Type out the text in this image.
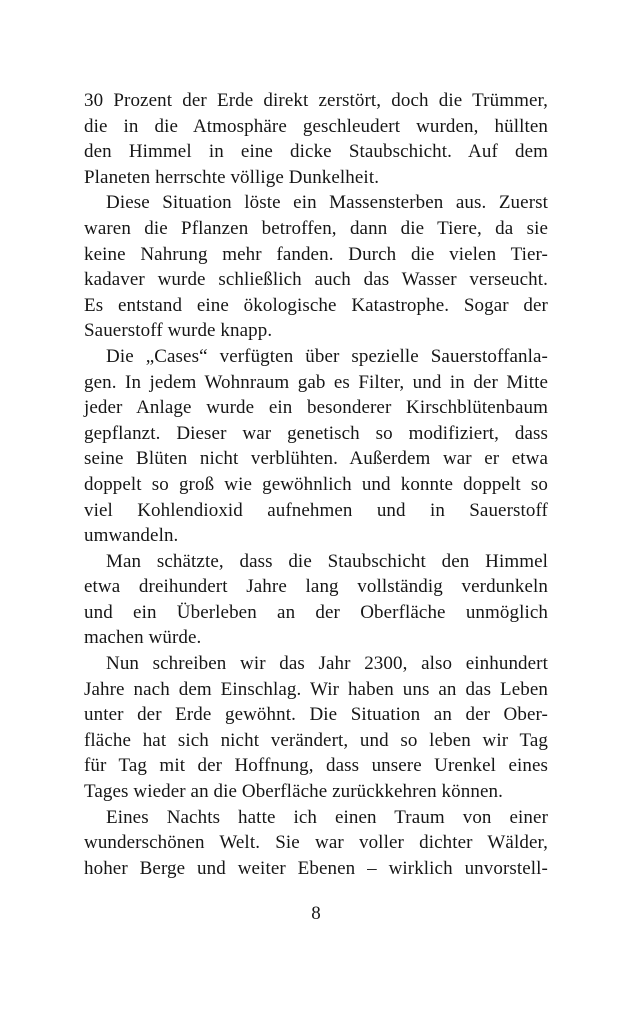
30 Prozent der Erde direkt zerstört, doch die Trümmer,
die in die Atmosphäre geschleudert wurden, hüllten
den Himmel in eine dicke Staubschicht. Auf dem
Planeten herrschte völlige Dunkelheit.
Diese Situation löste ein Massensterben aus. Zuerst
waren die Pflanzen betroffen, dann die Tiere, da sie
keine Nahrung mehr fanden. Durch die vielen Tier-
kadaver wurde schließlich auch das Wasser verseucht.
Es entstand eine ökologische Katastrophe. Sogar der
Sauerstoff wurde knapp.
Die „Cases“ verfügten über spezielle Sauerstoffanla-
gen. In jedem Wohnraum gab es Filter, und in der Mitte
jeder Anlage wurde ein besonderer Kirschblütenbaum
gepflanzt. Dieser war genetisch so modifiziert, dass
seine Blüten nicht verblühten. Außerdem war er etwa
doppelt so groß wie gewöhnlich und konnte doppelt so
viel Kohlendioxid aufnehmen und in Sauerstoff
umwandeln.
Man schätzte, dass die Staubschicht den Himmel
etwa dreihundert Jahre lang vollständig verdunkeln
und ein Überleben an der Oberfläche unmöglich
machen würde.
Nun schreiben wir das Jahr 2300, also einhundert
Jahre nach dem Einschlag. Wir haben uns an das Leben
unter der Erde gewöhnt. Die Situation an der Ober-
fläche hat sich nicht verändert, und so leben wir Tag
für Tag mit der Hoffnung, dass unsere Urenkel eines
Tages wieder an die Oberfläche zurückkehren können.
Eines Nachts hatte ich einen Traum von einer
wunderschönen Welt. Sie war voller dichter Wälder,
hoher Berge und weiter Ebenen – wirklich unvorstell-
8
